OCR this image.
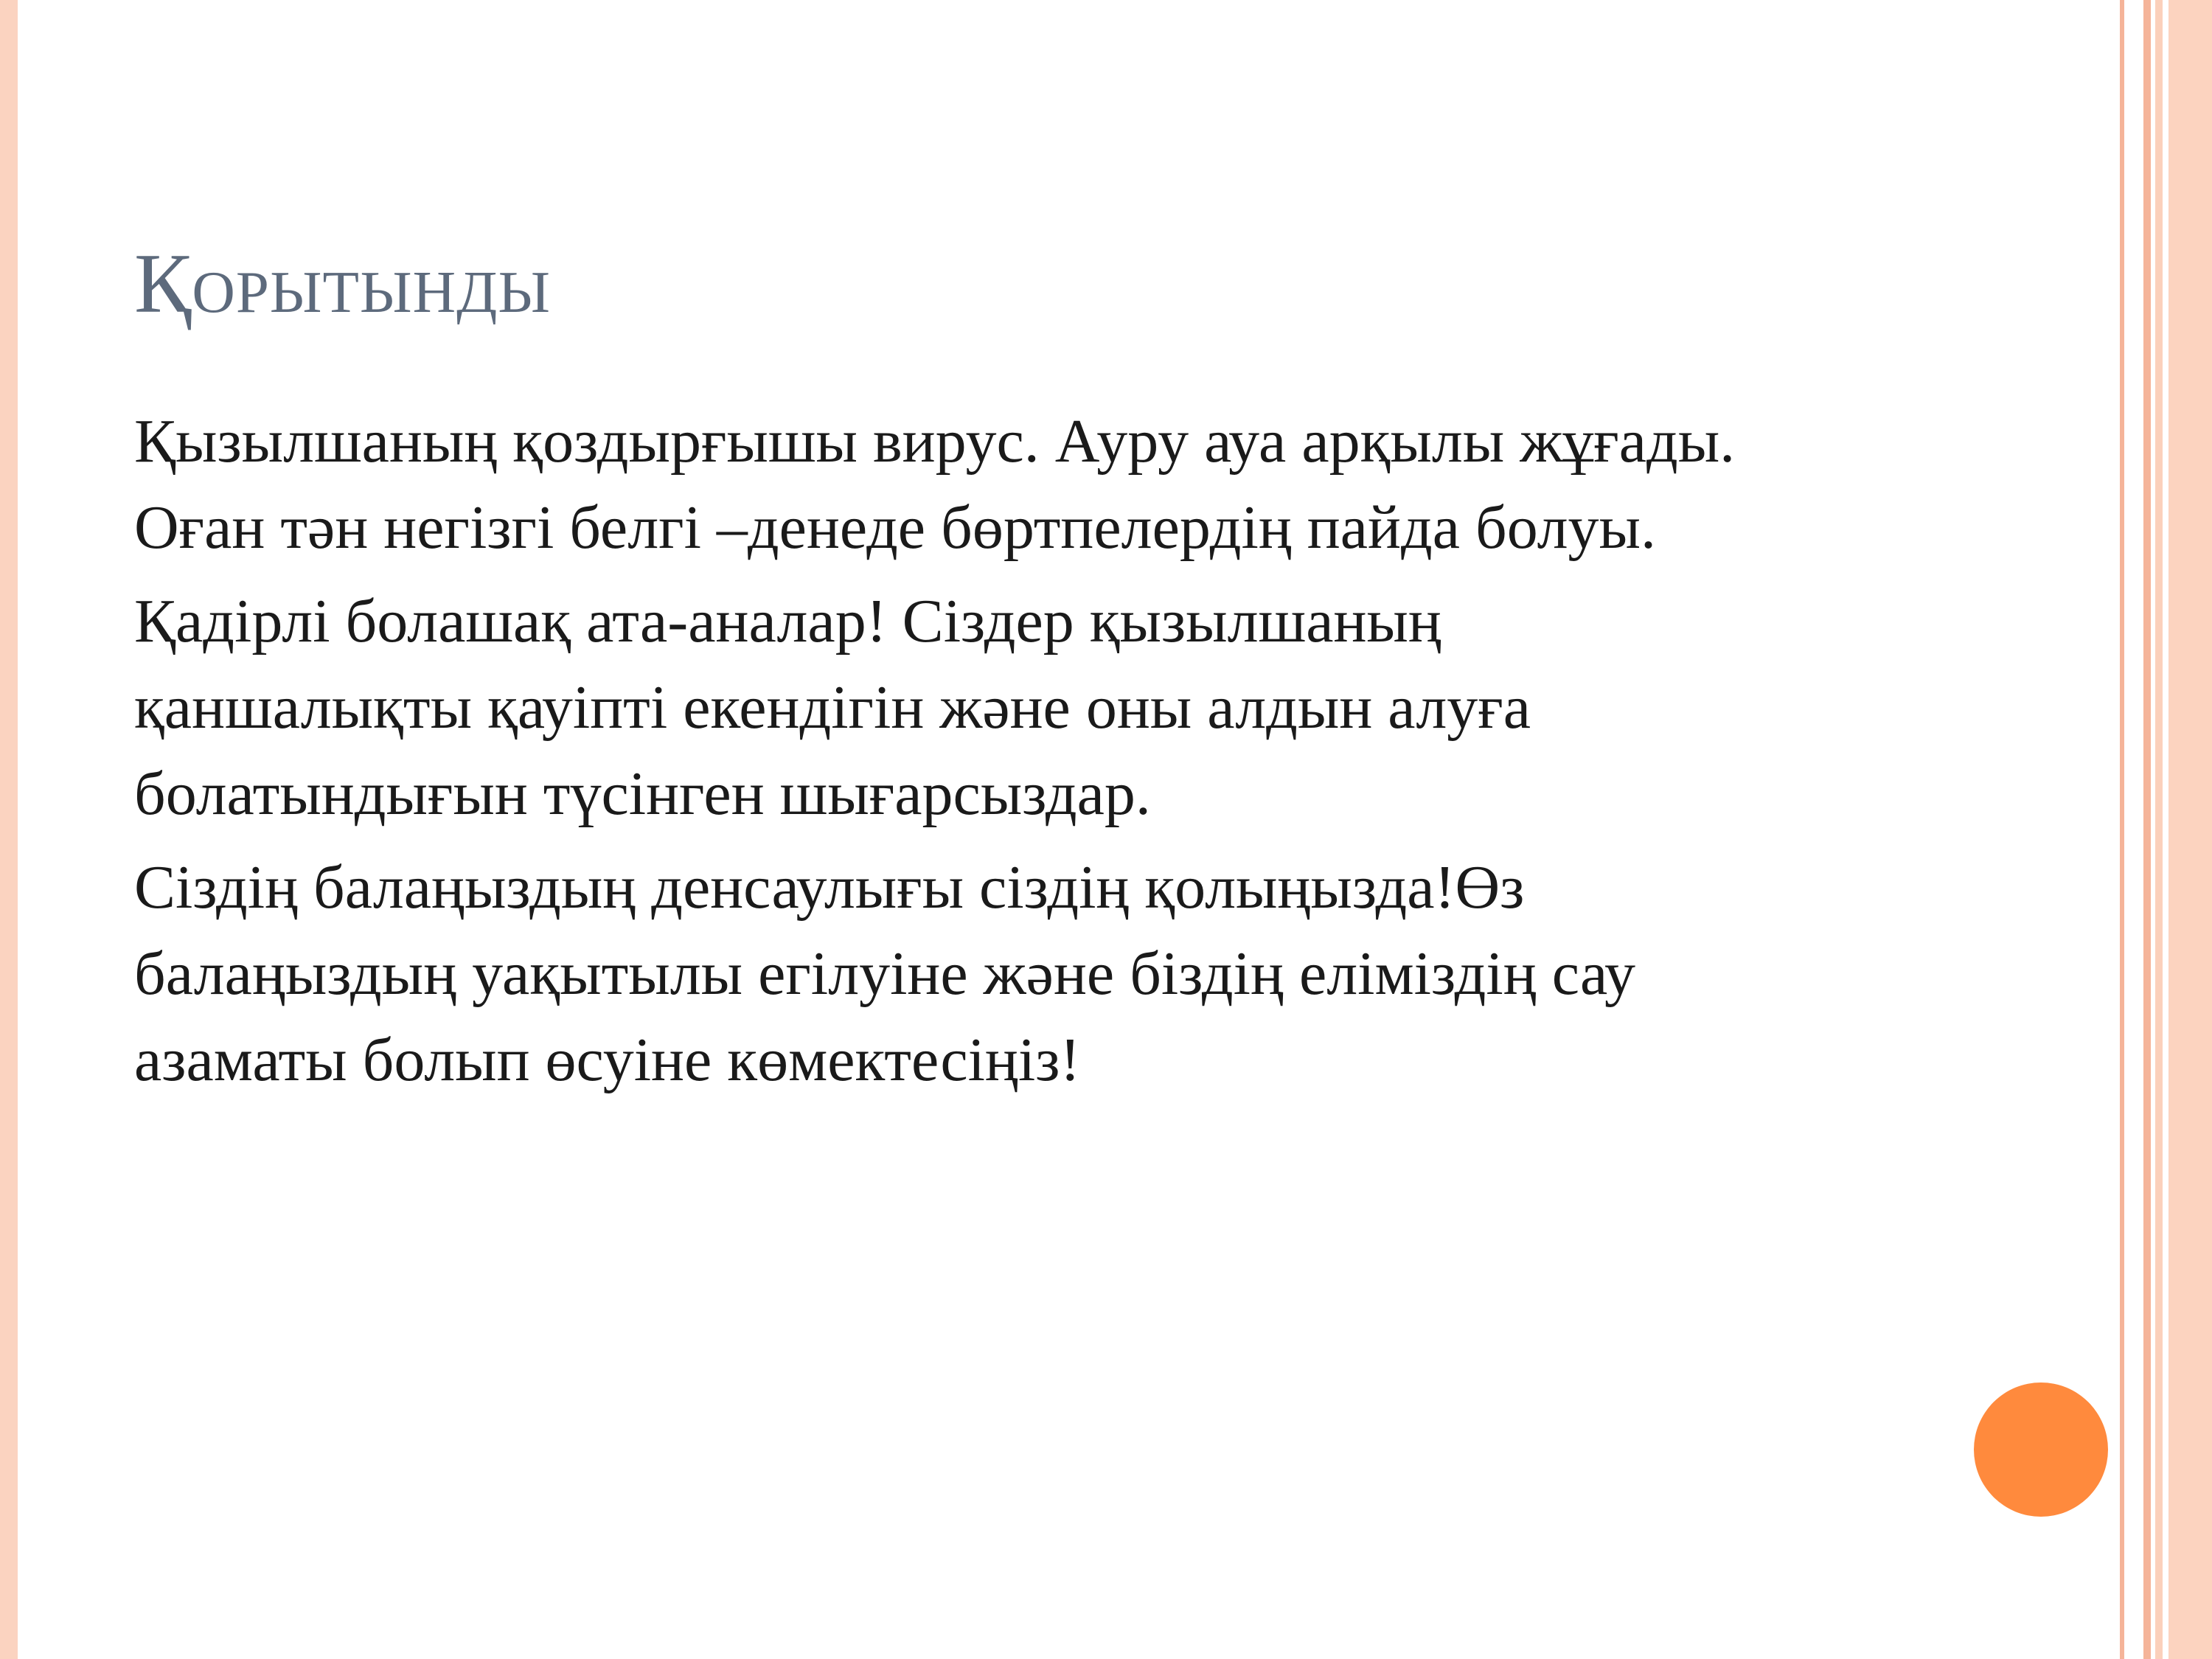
Қорытынды

Қызылшаның қоздырғышы вирус. Ауру ауа арқылы жұғады.
Оған тән негізгі белгі –денеде бөртпелердің пайда болуы.

Қадірлі болашақ ата-аналар! Сіздер қызылшаның
қаншалықты қауіпті екендігін және оны алдын алуға
болатындығын түсінген шығарсыздар.

Сіздің балаңыздың денсаулығы сіздің қолыңызда!Өз
балаңыздың уақытылы егілуіне және біздің еліміздің сау
азаматы болып өсуіне көмектесіңіз!
